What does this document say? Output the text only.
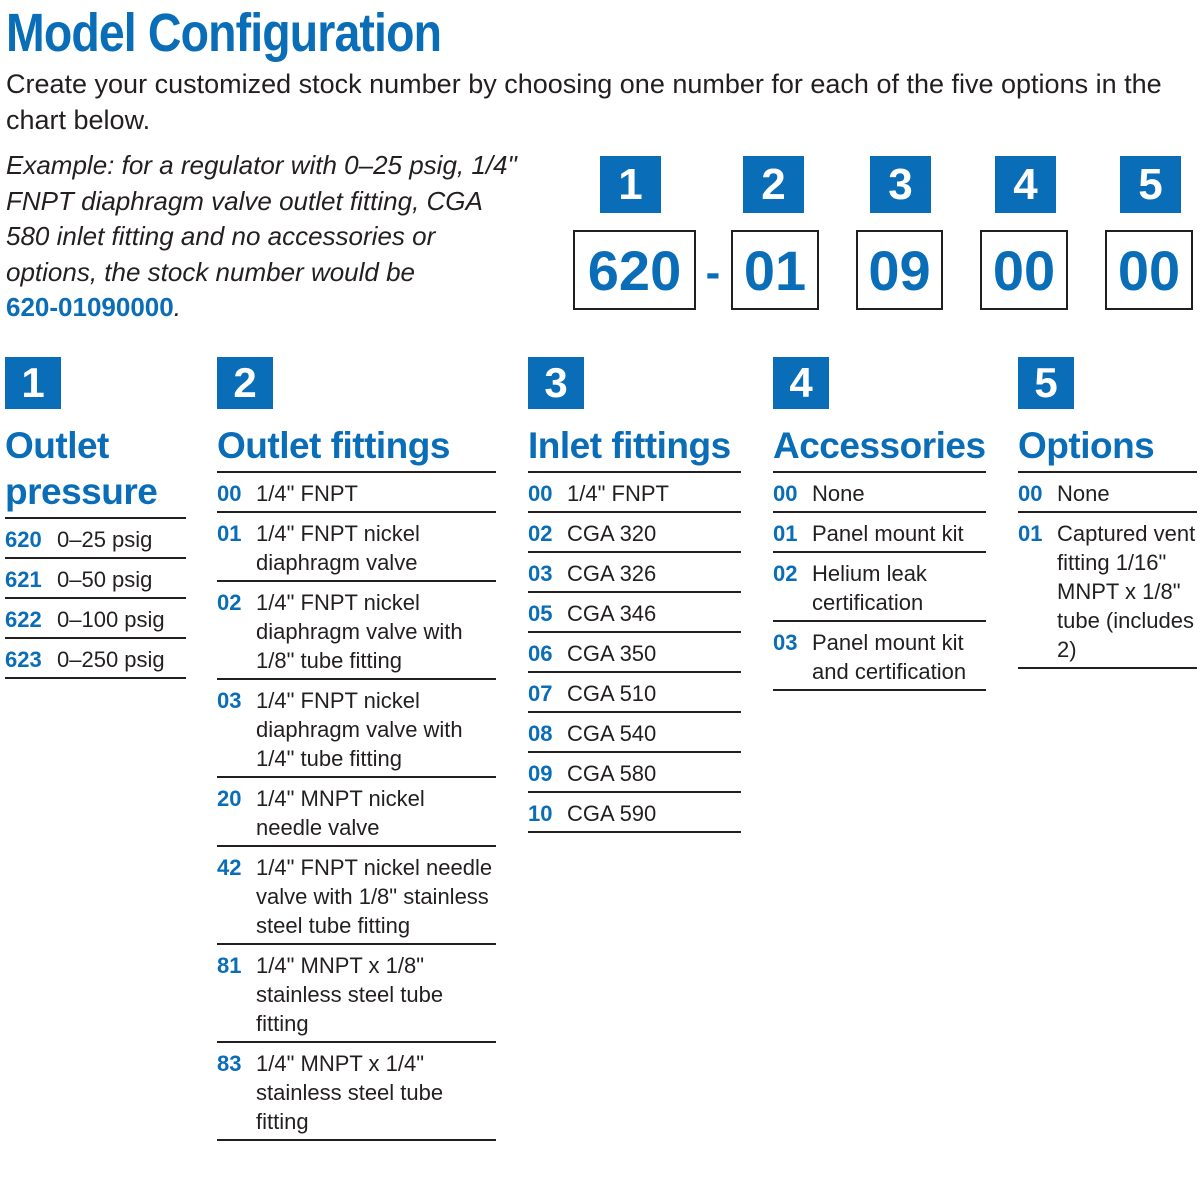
Model Configuration

Create your customized stock number by choosing one number for each of the five options in the chart below.

Example: for a regulator with 0–25 psig, 1/4" FNPT diaphragm valve outlet fitting, CGA 580 inlet fitting and no accessories or options, the stock number would be
620-01090000.

1	2	3	4	5
620 - 01 09 00 00
1
Outlet
pressure
620 0–25 psig
621 0–50 psig
622 0–100 psig
623 0–250 psig
2
Outlet fittings
00 1/4" FNPT
01 1/4" FNPT nickel diaphragm valve
02 1/4" FNPT nickel diaphragm valve with 1/8" tube fitting
03 1/4" FNPT nickel diaphragm valve with 1/4" tube fitting
20 1/4" MNPT nickel needle valve
42 1/4" FNPT nickel needle valve with 1/8" stainless steel tube fitting
81 1/4" MNPT x 1/8" stainless steel tube fitting
83 1/4" MNPT x 1/4" stainless steel tube fitting
3
Inlet fittings
00 1/4" FNPT
02 CGA 320
03 CGA 326
05 CGA 346
06 CGA 350
07 CGA 510
08 CGA 540
09 CGA 580
10 CGA 590
4
Accessories
00 None
01 Panel mount kit
02 Helium leak certification
03 Panel mount kit and certification
5
Options
00 None
01 Captured vent fitting 1/16" MNPT x 1/8" tube (includes 2)
